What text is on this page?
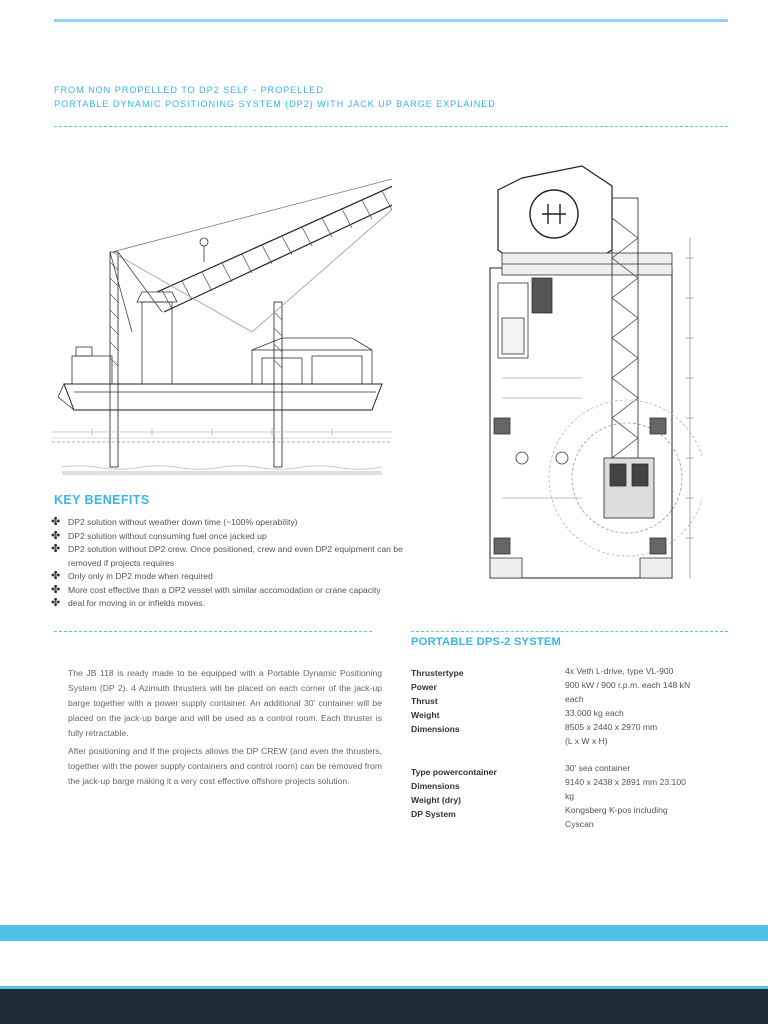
FROM NON PROPELLED TO DP2 SELF - PROPELLED
PORTABLE DYNAMIC POSITIONING SYSTEM (DP2) WITH JACK UP BARGE EXPLAINED
KEY BENEFITS
✤ DP2 solution without weather down time (~100% operability)
✤ DP2 solution without consuming fuel once jacked up
✤ DP2 solution without DP2 crew. Once positioned, crew and even DP2 equipment can be
removed if projects requires
✤ Only only in DP2 mode when required
✤ More cost effective than a DP2 vessel with similar accomodation or crane capacity
✤ deal for moving in or infields moves.

The JB 118 is ready made to be equipped with a Portable Dynamic Positioning System (DP 2). 4 Azimuth thrusters will be placed on each corner of the jack-up barge together with a power supply container. An additional 30' container will be placed on the jack-up barge and will be used as a control room. Each thruster is fully retractable.

After positioning and If the projects allows the DP CREW (and even the thrusters, together with the power supply containers and control room) can be removed from the jack-up barge making it a very cost effective offshore projects solution.

PORTABLE DPS-2 SYSTEM
Thrustertype
Power
Thrust
Weight
Dimensions
4x Veth L-drive, type VL-900
900 kW / 900 r.p.m. each 148 kN
each
33.000 kg each
8505 x 2440 x 2970 mm
(L x W x H)
Type powercontainer
Dimensions
Weight (dry)
DP System
30' sea container
9140 x 2438 x 2891 mm 23.100
kg
Kongsberg K-pos including
Cyscan
